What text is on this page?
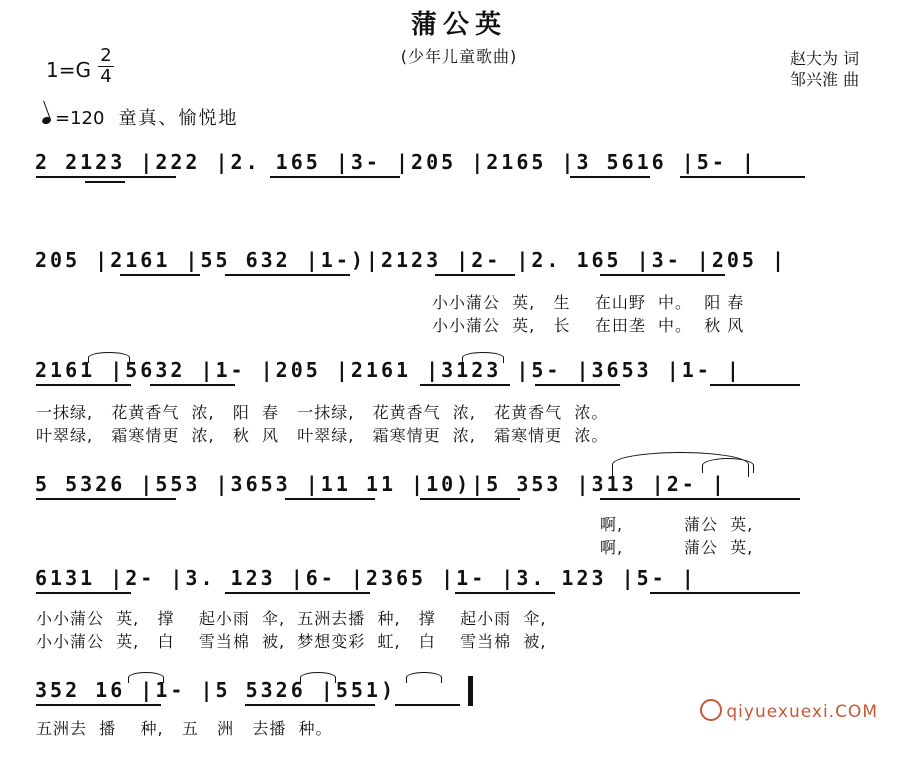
蒲公英
(少年儿童歌曲)	赵大为 词
邹兴淮 曲
$1=G \frac{2}{4}$
=120 童真、愉悦地
2 2123 |222 |2. 165 |3- |205 |2165 |3 5616 |5- |
205 |2161 |55 632 |1-)|2123 |2- |2. 165 |3- |205 |
小小蒲公  英,   生    在山野  中。  阳 春
小小蒲公  英,   长    在田垄  中。  秋 风
2161 |5632 |1- |205 |2161 |3123 |5- |3653 |1- |
一抹绿,   花黄香气  浓,   阳  春   一抹绿,   花黄香气  浓,   花黄香气  浓。
叶翠绿,   霜寒情更  浓,   秋  风   叶翠绿,   霜寒情更  浓,   霜寒情更  浓。
5 5326 |553 |3653 |11 11 |10)|5 353 |313 |2- |
啊,          蒲公  英,
啊,          蒲公  英,
6131 |2- |3. 123 |6- |2365 |1- |3. 123 |5- |
小小蒲公  英,   撑    起小雨  伞,  五洲去播  种,   撑    起小雨  伞,
小小蒲公  英,   白    雪当棉  被,  梦想变彩  虹,   白    雪当棉  被,
352 16 |1- |5 5326 |551)
五洲去  播    种,   五   洲   去播  种。
qiyuexuexi.COM
